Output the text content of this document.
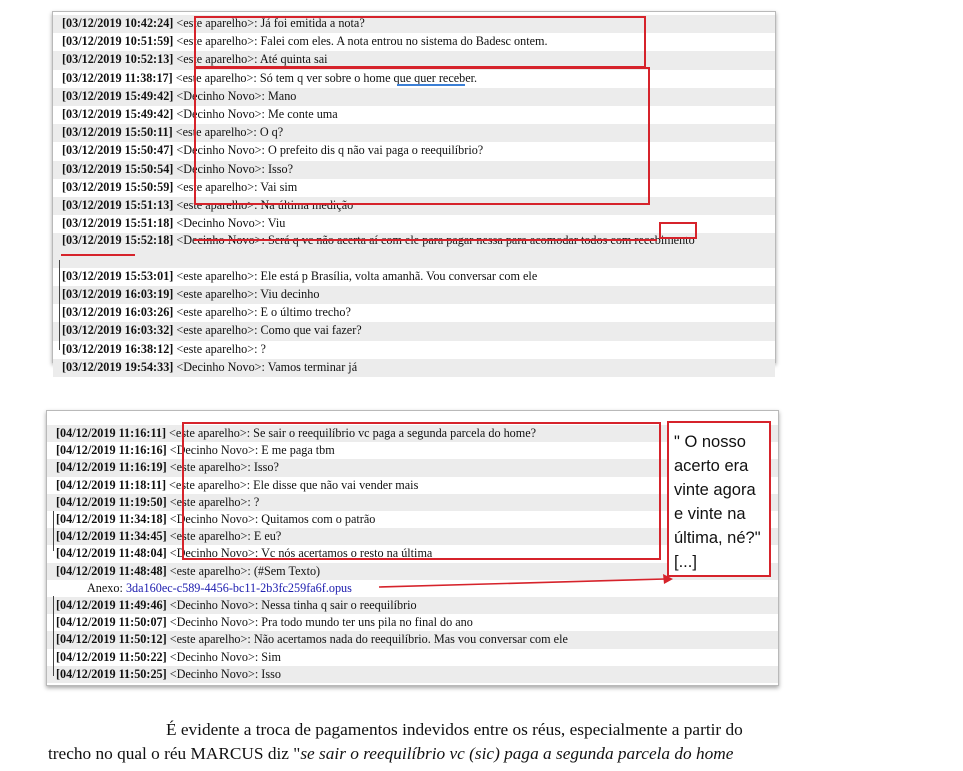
[03/12/2019 10:42:24] <este aparelho>: Já foi emitida a nota?
[03/12/2019 10:51:59] <este aparelho>: Falei com eles. A nota entrou no sistema do Badesc ontem.
[03/12/2019 10:52:13] <este aparelho>: Até quinta sai
[03/12/2019 11:38:17] <este aparelho>: Só tem q ver sobre o home que quer receber.
[03/12/2019 15:49:42] <Decinho Novo>: Mano
[03/12/2019 15:49:42] <Decinho Novo>: Me conte uma
[03/12/2019 15:50:11] <este aparelho>: O q?
[03/12/2019 15:50:47] <Decinho Novo>: O prefeito dis q não vai paga o reequilíbrio?
[03/12/2019 15:50:54] <Decinho Novo>: Isso?
[03/12/2019 15:50:59] <este aparelho>: Vai sim
[03/12/2019 15:51:13] <este aparelho>: Na última medição
[03/12/2019 15:51:18] <Decinho Novo>: Viu
[03/12/2019 15:52:18] <Decinho Novo>: Será q vc não acerta aí com ele para pagar nessa para acomodar todos com recebimento
[03/12/2019 15:53:01] <este aparelho>: Ele está p Brasília, volta amanhã. Vou conversar com ele
[03/12/2019 16:03:19] <este aparelho>: Viu decinho
[03/12/2019 16:03:26] <este aparelho>: E o último trecho?
[03/12/2019 16:03:32] <este aparelho>: Como que vai fazer?
[03/12/2019 16:38:12] <este aparelho>: ?
[03/12/2019 19:54:33] <Decinho Novo>: Vamos terminar já
[04/12/2019 11:16:11] <este aparelho>: Se sair o reequilíbrio vc paga a segunda parcela do home?
[04/12/2019 11:16:16] <Decinho Novo>: E me paga tbm
[04/12/2019 11:16:19] <este aparelho>: Isso?
[04/12/2019 11:18:11] <este aparelho>: Ele disse que não vai vender mais
[04/12/2019 11:19:50] <este aparelho>: ?
[04/12/2019 11:34:18] <Decinho Novo>: Quitamos com o patrão
[04/12/2019 11:34:45] <este aparelho>: E eu?
[04/12/2019 11:48:04] <Decinho Novo>: Vc nós acertamos o resto na última
[04/12/2019 11:48:48] <este aparelho>: (#Sem Texto)
Anexo: 3da160ec-c589-4456-bc11-2b3fc259fa6f.opus
[04/12/2019 11:49:46] <Decinho Novo>: Nessa tinha q sair o reequilíbrio
[04/12/2019 11:50:07] <Decinho Novo>: Pra todo mundo ter uns pila no final do ano
[04/12/2019 11:50:12] <este aparelho>: Não acertamos nada do reequilíbrio. Mas vou conversar com ele
[04/12/2019 11:50:22] <Decinho Novo>: Sim
[04/12/2019 11:50:25] <Decinho Novo>: Isso
" O nosso acerto era vinte agora e vinte na última, né?" [...]
É evidente a troca de pagamentos indevidos entre os réus, especialmente a partir do
trecho no qual o réu MARCUS diz "se sair o reequilíbrio vc (sic) paga a segunda parcela do home
